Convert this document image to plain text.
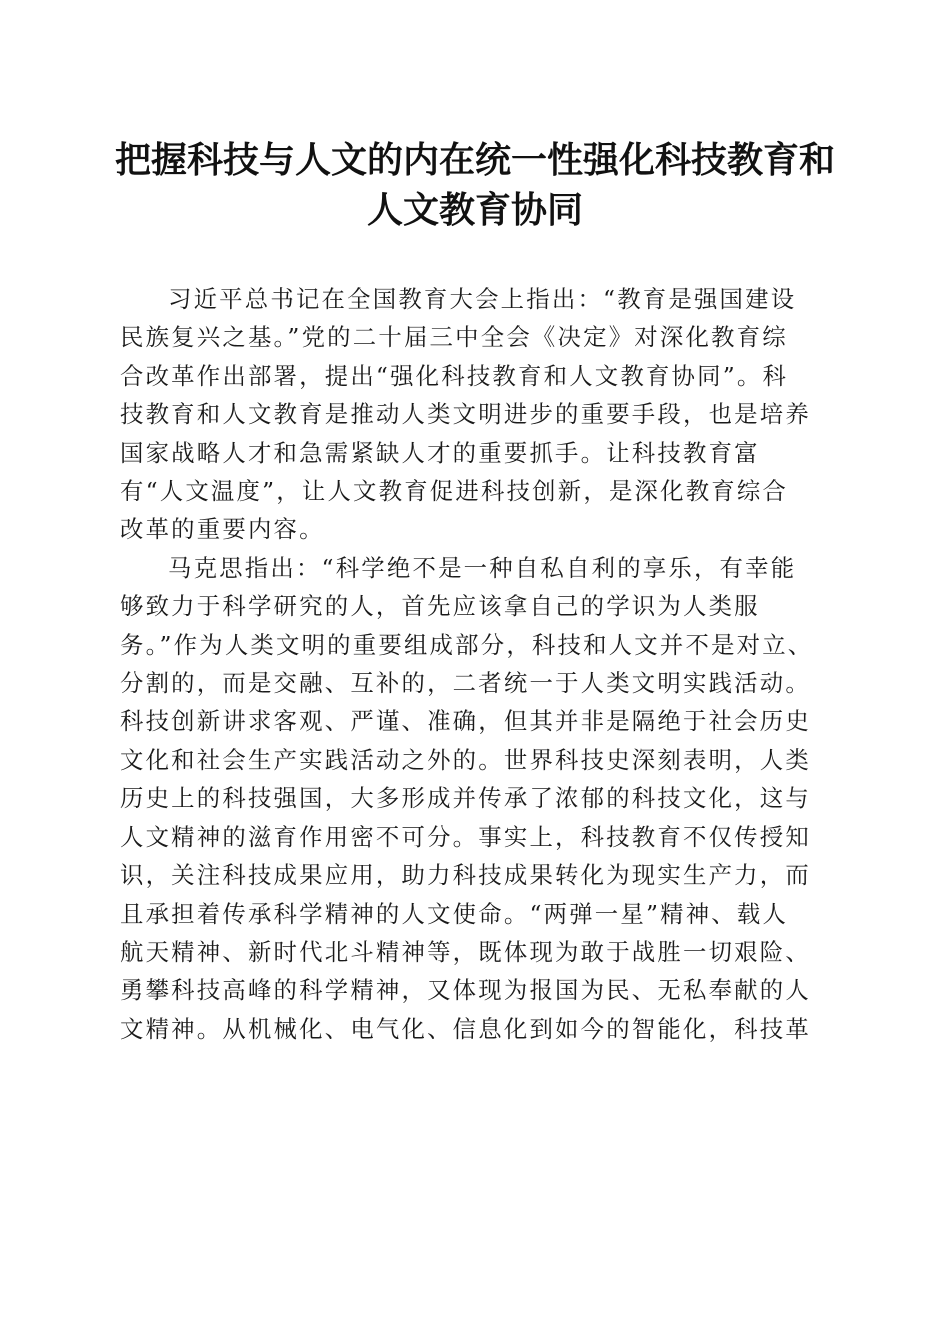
把握科技与人文的内在统一性强化科技教育和
人文教育协同
习近平总书记在全国教育大会上指出：“教育是强国建设
民族复兴之基。”党的二十届三中全会《决定》对深化教育综
合改革作出部署，提出“强化科技教育和人文教育协同”。科
技教育和人文教育是推动人类文明进步的重要手段，也是培养
国家战略人才和急需紧缺人才的重要抓手。让科技教育富
有“人文温度”，让人文教育促进科技创新，是深化教育综合
改革的重要内容。
马克思指出：“科学绝不是一种自私自利的享乐，有幸能
够致力于科学研究的人，首先应该拿自己的学识为人类服
务。”作为人类文明的重要组成部分，科技和人文并不是对立、
分割的，而是交融、互补的，二者统一于人类文明实践活动。
科技创新讲求客观、严谨、准确，但其并非是隔绝于社会历史
文化和社会生产实践活动之外的。世界科技史深刻表明，人类
历史上的科技强国，大多形成并传承了浓郁的科技文化，这与
人文精神的滋育作用密不可分。事实上，科技教育不仅传授知
识，关注科技成果应用，助力科技成果转化为现实生产力，而
且承担着传承科学精神的人文使命。“两弹一星”精神、载人
航天精神、新时代北斗精神等，既体现为敢于战胜一切艰险、
勇攀科技高峰的科学精神，又体现为报国为民、无私奉献的人
文精神。从机械化、电气化、信息化到如今的智能化，科技革
